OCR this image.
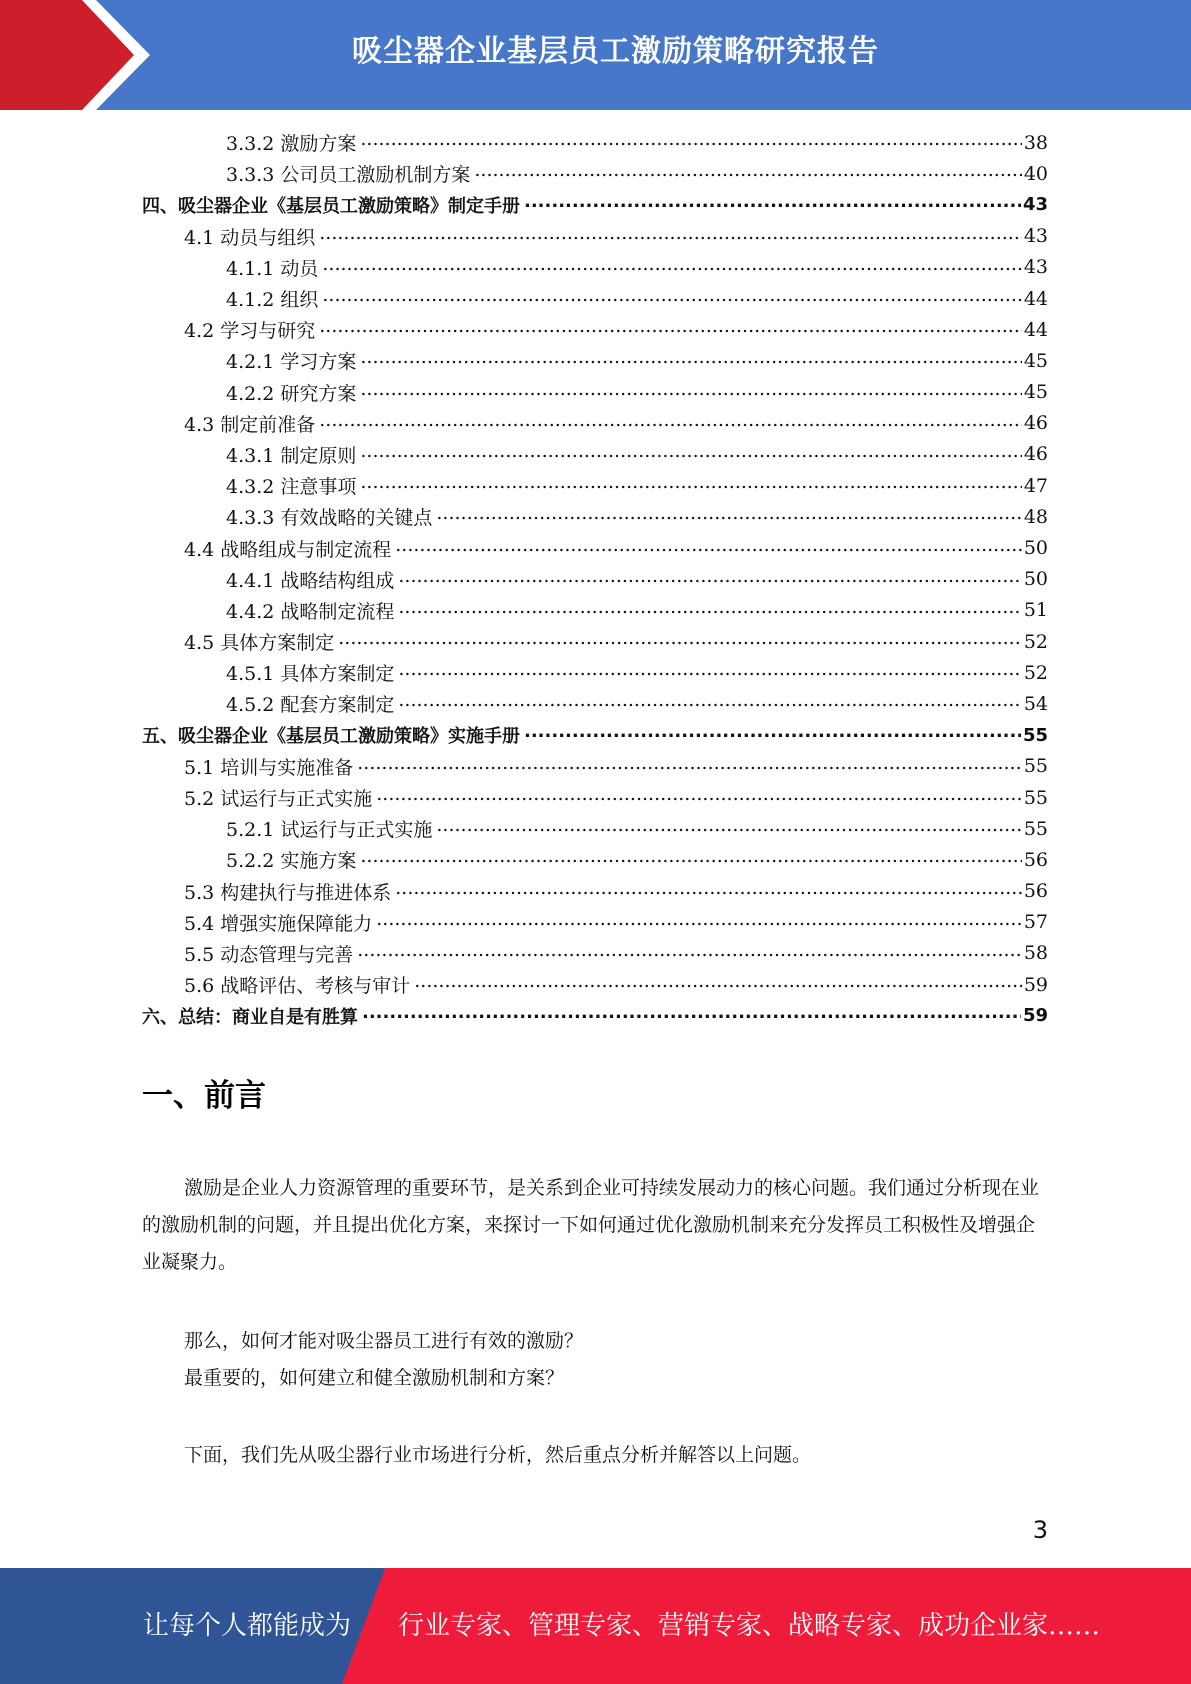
吸尘器企业基层员工激励策略研究报告
3.3.2 激励方案 .....	38
3.3.3 公司员工激励机制方案 .....	40
四、吸尘器企业《基层员工激励策略》制定手册 .....	43
4.1 动员与组织 .....	43
4.1.1 动员 .....	43
4.1.2 组织 .....	44
4.2 学习与研究 .....	44
4.2.1 学习方案 .....	45
4.2.2 研究方案 .....	45
4.3 制定前准备 .....	46
4.3.1 制定原则 .....	46
4.3.2 注意事项 .....	47
4.3.3 有效战略的关键点 .....	48
4.4 战略组成与制定流程 .....	50
4.4.1 战略结构组成 .....	50
4.4.2 战略制定流程 .....	51
4.5 具体方案制定 .....	52
4.5.1 具体方案制定 .....	52
4.5.2 配套方案制定 .....	54
五、吸尘器企业《基层员工激励策略》实施手册 .....	55
5.1 培训与实施准备 .....	55
5.2 试运行与正式实施 .....	55
5.2.1 试运行与正式实施 .....	55
5.2.2 实施方案 .....	56
5.3 构建执行与推进体系 .....	56
5.4 增强实施保障能力 .....	57
5.5 动态管理与完善 .....	58
5.6 战略评估、考核与审计 .....	59
六、总结：商业自是有胜算 .....	59
一、前言
激励是企业人力资源管理的重要环节，是关系到企业可持续发展动力的核心问题。我们通过分析现在业的激励机制的问题，并且提出优化方案，来探讨一下如何通过优化激励机制来充分发挥员工积极性及增强企业凝聚力。
那么，如何才能对吸尘器员工进行有效的激励？
最重要的，如何建立和健全激励机制和方案？
下面，我们先从吸尘器行业市场进行分析，然后重点分析并解答以上问题。
3
让每个人都能成为 行业专家、管理专家、营销专家、战略专家、成功企业家……
